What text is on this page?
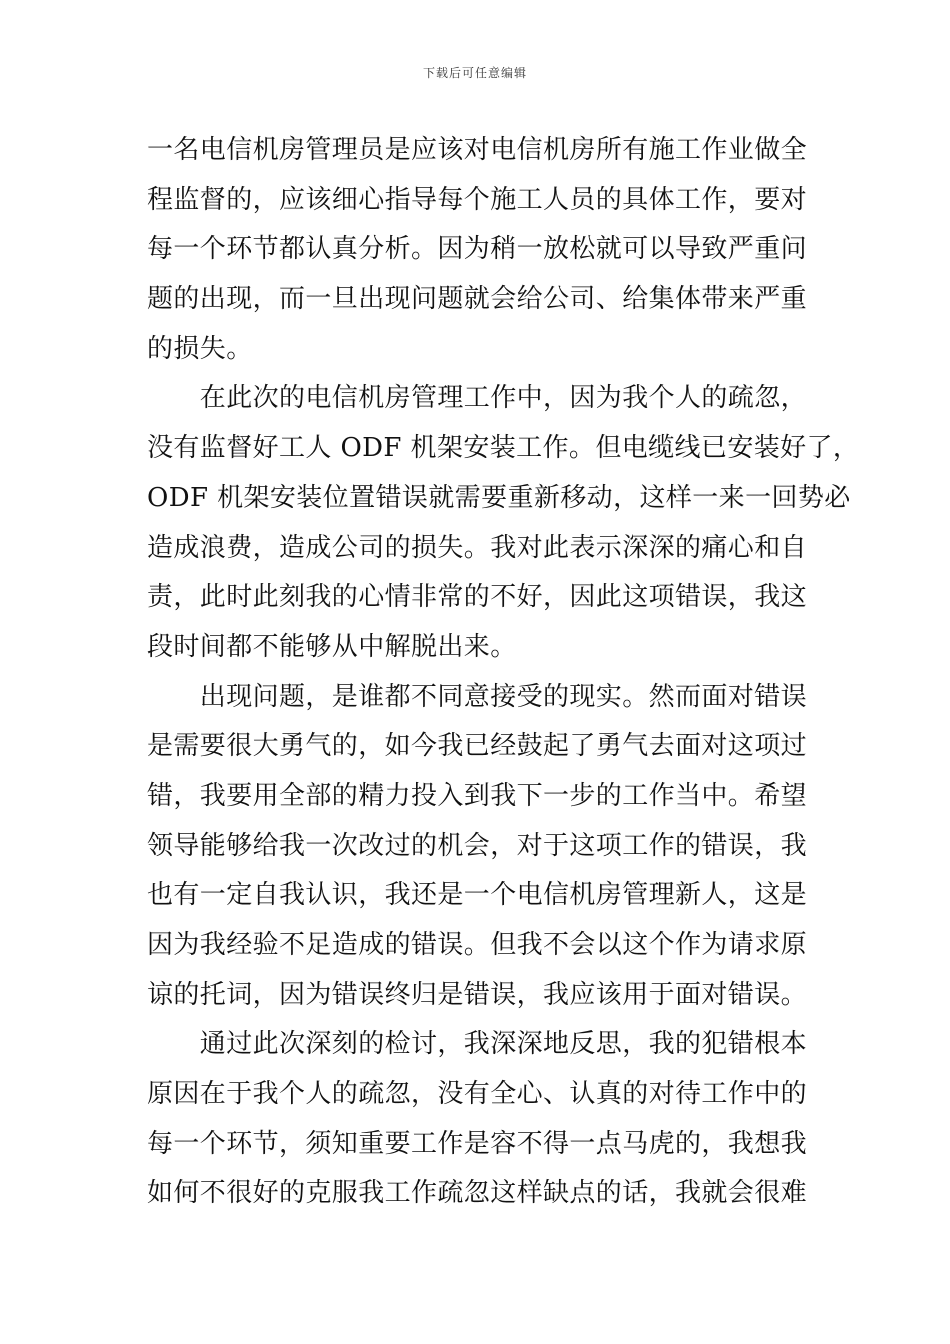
下载后可任意编辑
一名电信机房管理员是应该对电信机房所有施工作业做全
程监督的，应该细心指导每个施工人员的具体工作，要对
每一个环节都认真分析。因为稍一放松就可以导致严重问
题的出现，而一旦出现问题就会给公司、给集体带来严重
的损失。
　　在此次的电信机房管理工作中，因为我个人的疏忽，
没有监督好工人 ODF 机架安装工作。但电缆线已安装好了，
ODF 机架安装位置错误就需要重新移动，这样一来一回势必
造成浪费，造成公司的损失。我对此表示深深的痛心和自
责，此时此刻我的心情非常的不好，因此这项错误，我这
段时间都不能够从中解脱出来。
　　出现问题，是谁都不同意接受的现实。然而面对错误
是需要很大勇气的，如今我已经鼓起了勇气去面对这项过
错，我要用全部的精力投入到我下一步的工作当中。希望
领导能够给我一次改过的机会，对于这项工作的错误，我
也有一定自我认识，我还是一个电信机房管理新人，这是
因为我经验不足造成的错误。但我不会以这个作为请求原
谅的托词，因为错误终归是错误，我应该用于面对错误。
　　通过此次深刻的检讨，我深深地反思，我的犯错根本
原因在于我个人的疏忽，没有全心、认真的对待工作中的
每一个环节，须知重要工作是容不得一点马虎的，我想我
如何不很好的克服我工作疏忽这样缺点的话，我就会很难
